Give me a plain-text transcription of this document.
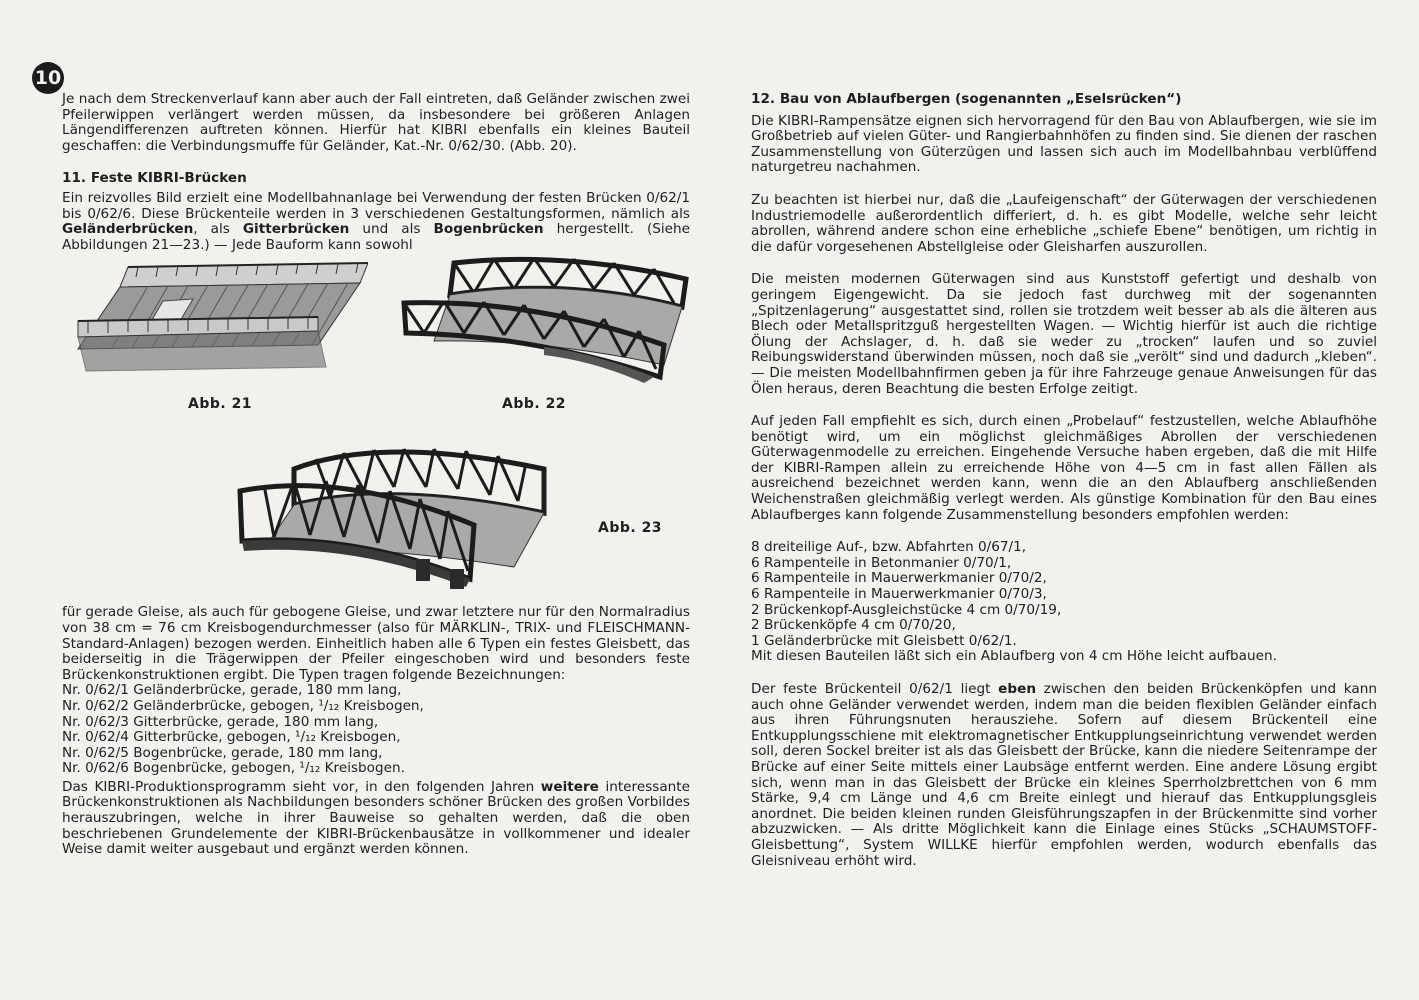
10

Je nach dem Streckenverlauf kann aber auch der Fall eintreten, daß Geländer zwischen zwei Pfeilerwippen verlängert werden müssen, da insbesondere bei größeren Anlagen Längendifferenzen auftreten können. Hierfür hat KIBRI ebenfalls ein kleines Bauteil geschaffen: die Verbindungsmuffe für Geländer, Kat.-Nr. 0/62/30. (Abb. 20).

11. Feste KIBRI-Brücken

Ein reizvolles Bild erzielt eine Modellbahnanlage bei Verwendung der festen Brücken 0/62/1 bis 0/62/6. Diese Brückenteile werden in 3 verschiedenen Gestaltungsformen, nämlich als Geländerbrücken, als Gitterbrücken und als Bogenbrücken hergestellt. (Siehe Abbildungen 21—23.) — Jede Bauform kann sowohl

Abb. 21	Abb. 22
Abb. 23

für gerade Gleise, als auch für gebogene Gleise, und zwar letztere nur für den Normalradius von 38 cm = 76 cm Kreisbogendurchmesser (also für MÄRKLIN-, TRIX- und FLEISCHMANN-Standard-Anlagen) bezogen werden. Einheitlich haben alle 6 Typen ein festes Gleisbett, das beiderseitig in die Trägerwippen der Pfeiler eingeschoben wird und besonders feste Brückenkonstruktionen ergibt. Die Typen tragen folgende Bezeichnungen:

Nr. 0/62/1 Geländerbrücke, gerade, 180 mm lang,
Nr. 0/62/2 Geländerbrücke, gebogen, ¹/₁₂ Kreisbogen,
Nr. 0/62/3 Gitterbrücke, gerade, 180 mm lang,
Nr. 0/62/4 Gitterbrücke, gebogen, ¹/₁₂ Kreisbogen,
Nr. 0/62/5 Bogenbrücke, gerade, 180 mm lang,
Nr. 0/62/6 Bogenbrücke, gebogen, ¹/₁₂ Kreisbogen.

Das KIBRI-Produktionsprogramm sieht vor, in den folgenden Jahren weitere interessante Brückenkonstruktionen als Nachbildungen besonders schöner Brücken des großen Vorbildes herauszubringen, welche in ihrer Bauweise so gehalten werden, daß die oben beschriebenen Grundelemente der KIBRI-Brückenbausätze in vollkommener und idealer Weise damit weiter ausgebaut und ergänzt werden können.

12. Bau von Ablaufbergen (sogenannten „Eselsrücken“)

Die KIBRI-Rampensätze eignen sich hervorragend für den Bau von Ablaufbergen, wie sie im Großbetrieb auf vielen Güter- und Rangierbahnhöfen zu finden sind. Sie dienen der raschen Zusammenstellung von Güterzügen und lassen sich auch im Modellbahnbau verblüffend naturgetreu nachahmen.

Zu beachten ist hierbei nur, daß die „Laufeigenschaft“ der Güterwagen der verschiedenen Industriemodelle außerordentlich differiert, d. h. es gibt Modelle, welche sehr leicht abrollen, während andere schon eine erhebliche „schiefe Ebene“ benötigen, um richtig in die dafür vorgesehenen Abstellgleise oder Gleisharfen auszurollen.

Die meisten modernen Güterwagen sind aus Kunststoff gefertigt und deshalb von geringem Eigengewicht. Da sie jedoch fast durchweg mit der sogenannten „Spitzenlagerung“ ausgestattet sind, rollen sie trotzdem weit besser ab als die älteren aus Blech oder Metallspritzguß hergestellten Wagen. — Wichtig hierfür ist auch die richtige Ölung der Achslager, d. h. daß sie weder zu „trocken“ laufen und so zuviel Reibungswiderstand überwinden müssen, noch daß sie „verölt“ sind und dadurch „kleben“. — Die meisten Modellbahnfirmen geben ja für ihre Fahrzeuge genaue Anweisungen für das Ölen heraus, deren Beachtung die besten Erfolge zeitigt.

Auf jeden Fall empfiehlt es sich, durch einen „Probelauf“ festzustellen, welche Ablaufhöhe benötigt wird, um ein möglichst gleichmäßiges Abrollen der verschiedenen Güterwagenmodelle zu erreichen. Eingehende Versuche haben ergeben, daß die mit Hilfe der KIBRI-Rampen allein zu erreichende Höhe von 4—5 cm in fast allen Fällen als ausreichend bezeichnet werden kann, wenn die an den Ablaufberg anschließenden Weichenstraßen gleichmäßig verlegt werden. Als günstige Kombination für den Bau eines Ablaufberges kann folgende Zusammenstellung besonders empfohlen werden:

8 dreiteilige Auf-, bzw. Abfahrten 0/67/1,
6 Rampenteile in Betonmanier 0/70/1,
6 Rampenteile in Mauerwerkmanier 0/70/2,
6 Rampenteile in Mauerwerkmanier 0/70/3,
2 Brückenkopf-Ausgleichstücke 4 cm 0/70/19,
2 Brückenköpfe 4 cm 0/70/20,
1 Geländerbrücke mit Gleisbett 0/62/1.

Mit diesen Bauteilen läßt sich ein Ablaufberg von 4 cm Höhe leicht aufbauen.

Der feste Brückenteil 0/62/1 liegt eben zwischen den beiden Brückenköpfen und kann auch ohne Geländer verwendet werden, indem man die beiden flexiblen Geländer einfach aus ihren Führungsnuten herausziehe. Sofern auf diesem Brückenteil eine Entkupplungsschiene mit elektromagnetischer Entkupplungseinrichtung verwendet werden soll, deren Sockel breiter ist als das Gleisbett der Brücke, kann die niedere Seitenrampe der Brücke auf einer Seite mittels einer Laubsäge entfernt werden. Eine andere Lösung ergibt sich, wenn man in das Gleisbett der Brücke ein kleines Sperrholzbrettchen von 6 mm Stärke, 9,4 cm Länge und 4,6 cm Breite einlegt und hierauf das Entkupplungsgleis anordnet. Die beiden kleinen runden Gleisführungszapfen in der Brückenmitte sind vorher abzuzwicken. — Als dritte Möglichkeit kann die Einlage eines Stücks „SCHAUMSTOFF-Gleisbettung“, System WILLKE hierfür empfohlen werden, wodurch ebenfalls das Gleisniveau erhöht wird.
